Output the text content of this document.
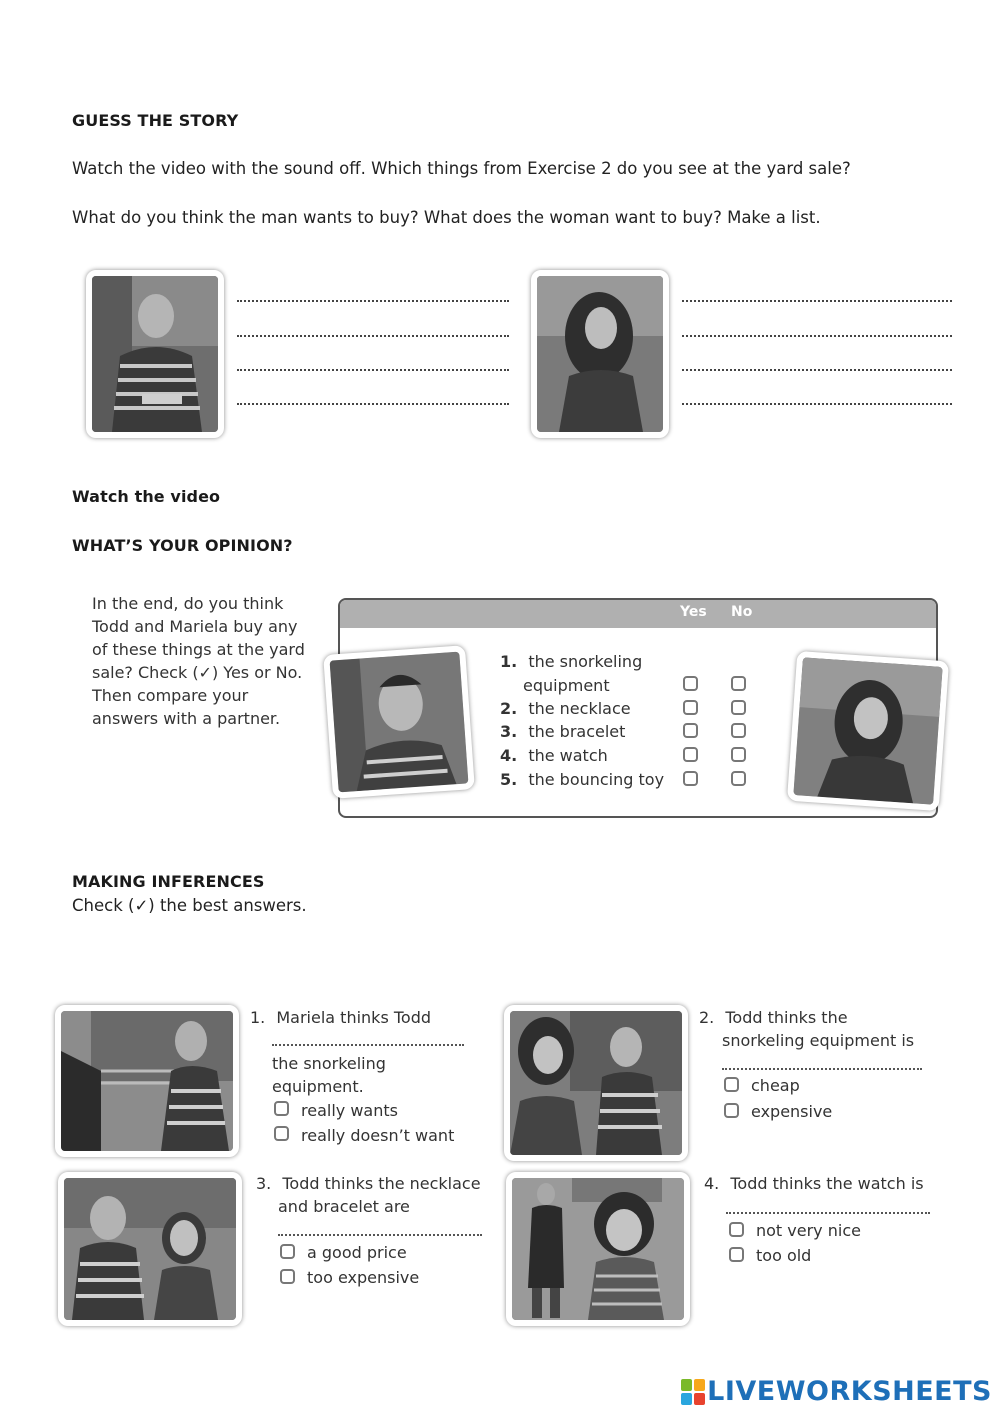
GUESS THE STORY
Watch the video with the sound off. Which things from Exercise 2 do you see at the yard sale?
What do you think the man wants to buy? What does the woman want to buy? Make a list.
Watch the video
WHAT’S YOUR OPINION?
In the end, do you think
Todd and Mariela buy any
of these things at the yard
sale? Check (✓) Yes or No.
Then compare your
answers with a partner.
Yes No
1. the snorkeling
equipment
2. the necklace
3. the bracelet
4. the watch
5. the bouncing toy
MAKING INFERENCES
Check (✓) the best answers.
1. Mariela thinks Todd
the snorkeling
equipment.
really wants
really doesn’t want
2. Todd thinks the
snorkeling equipment is
cheap
expensive
3. Todd thinks the necklace
and bracelet are
a good price
too expensive
4. Todd thinks the watch is
not very nice
too old
LIVEWORKSHEETS
